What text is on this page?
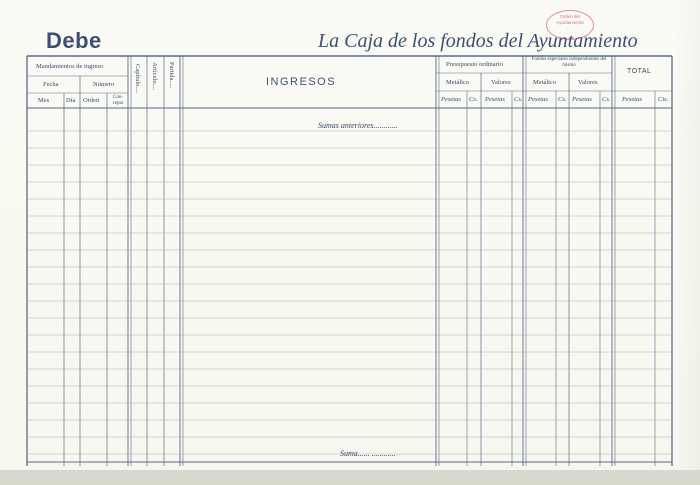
Debe	La Caja de los fondos del Ayuntamiento
Orden del
Ayuntamiento
Mandamientos de ingreso
Fecha	Número
Mes	Día Orden	Con- cepto
Capítulo.... Artículo.... Partida.....	INGRESOS
Presupuesto ordinario
Fondos especiales independientes del mismo
TOTAL
Metálico	Valores	Metálico	Valores
Pesetas Cs. Pesetas Cs. Pesetas Cs. Pesetas Cs. Pesetas Cts.
Sumas anteriores............
Suma...... ............
